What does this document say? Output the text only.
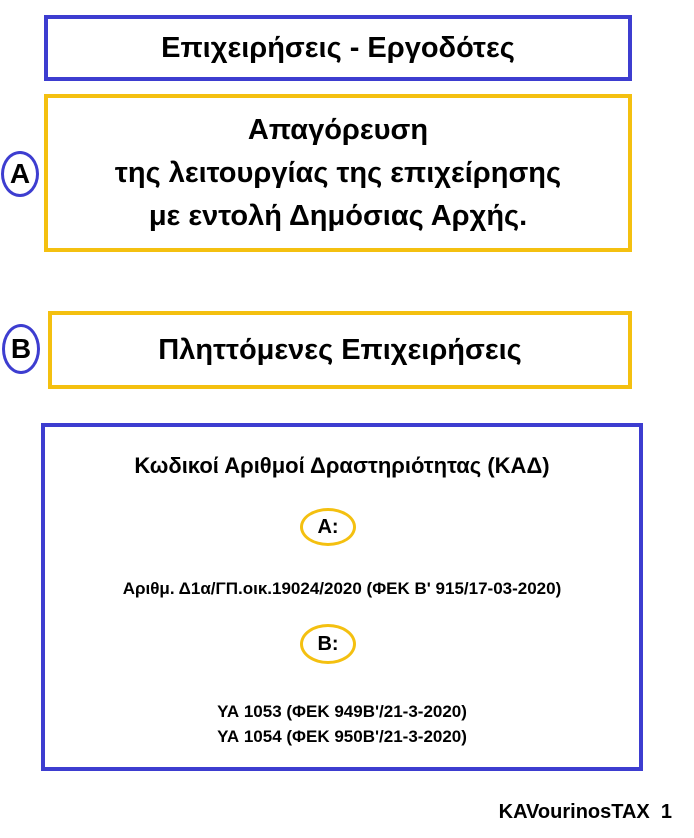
Επιχειρήσεις - Εργοδότες
A
Απαγόρευση
της λειτουργίας της επιχείρησης
με εντολή Δημόσιας Αρχής.
B	Πληττόμενες Επιχειρήσεις
Κωδικοί Αριθμοί Δραστηριότητας (ΚΑΔ)
Αριθμ. Δ1α/ΓΠ.οικ.19024/2020 (ΦΕΚ Β' 915/17-03-2020)
ΥΑ 1053 (ΦΕΚ 949Β'/21-3-2020)
ΥΑ 1054 (ΦΕΚ 950Β'/21-3-2020)
A:
B:
KAVourinosTAX  1
